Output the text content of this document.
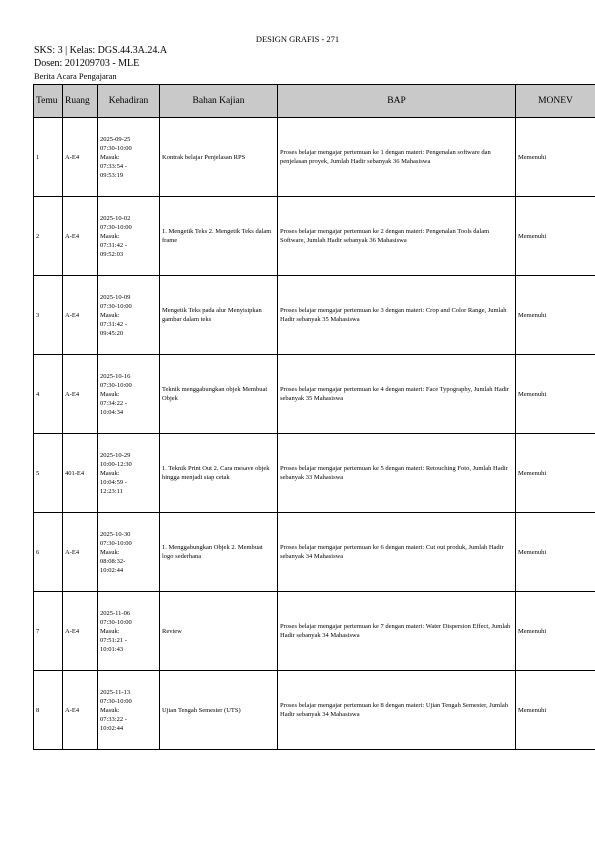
DESIGN GRAFIS - 271
SKS: 3 | Kelas: DGS.44.3A.24.A
Dosen: 201209703 - MLE
Berita Acara Pengajaran
Temu	Ruang	Kehadiran	Bahan Kajian	BAP	MONEV
1	A-E4	2025-09-25
07:30-10:00
Masuk:
07:33:54 -
09:53:19	Kontrak belajar Penjelasan RPS	Proses belajar mengajar pertemuan ke 1 dengan materi: Pengenalan software dan penjelasan proyek, Jumlah Hadir sebanyak 36 Mahasiswa	Memenuhi
2	A-E4	2025-10-02
07:30-10:00
Masuk:
07:31:42 -
09:52:03	1. Mengetik Teks 2. Mengetik Teks dalam frame	Proses belajar mengajar pertemuan ke 2 dengan materi: Pengenalan Tools dalam Software, Jumlah Hadir sebanyak 36 Mahasiswa	Memenuhi
3	A-E4	2025-10-09
07:30-10:00
Masuk:
07:31:42 -
09:45:20	Mengetik Teks pada alur Menyisipkan gambar dalam teks	Proses belajar mengajar pertemuan ke 3 dengan materi: Crop and Color Range, Jumlah Hadir sebanyak 35 Mahasiswa	Memenuhi
4	A-E4	2025-10-16
07:30-10:00
Masuk:
07:34:22 -
10:04:34	Teknik menggabungkan objek Membuat Objek	Proses belajar mengajar pertemuan ke 4 dengan materi: Face Typography, Jumlah Hadir sebanyak 35 Mahasiswa	Memenuhi
5	401-E4	2025-10-29
10:00-12:30
Masuk:
10:04:59 -
12:23:11	1. Teknik Print Out 2. Cara mesave objek hingga menjadi siap cetak	Proses belajar mengajar pertemuan ke 5 dengan materi: Retouching Foto, Jumlah Hadir sebanyak 33 Mahasiswa	Memenuhi
6	A-E4	2025-10-30
07:30-10:00
Masuk:
08:08:32-
10:02:44	1. Menggabungkan Objek 2. Membuat logo sederhana	Proses belajar mengajar pertemuan ke 6 dengan materi: Cut out produk, Jumlah Hadir sebanyak 34 Mahasiswa	Memenuhi
7	A-E4	2025-11-06
07:30-10:00
Masuk:
07:51:21 -
10:01:43	Review	Proses belajar mengajar pertemuan ke 7 dengan materi: Water Dispersion Effect, Jumlah Hadir sebanyak 34 Mahasiswa	Memenuhi
8	A-E4	2025-11-13
07:30-10:00
Masuk:
07:33:22 -
10:02:44	Ujian Tengah Semester (UTS)	Proses belajar mengajar pertemuan ke 8 dengan materi: Ujian Tengah Semester, Jumlah Hadir sebanyak 34 Mahasiswa	Memenuhi
